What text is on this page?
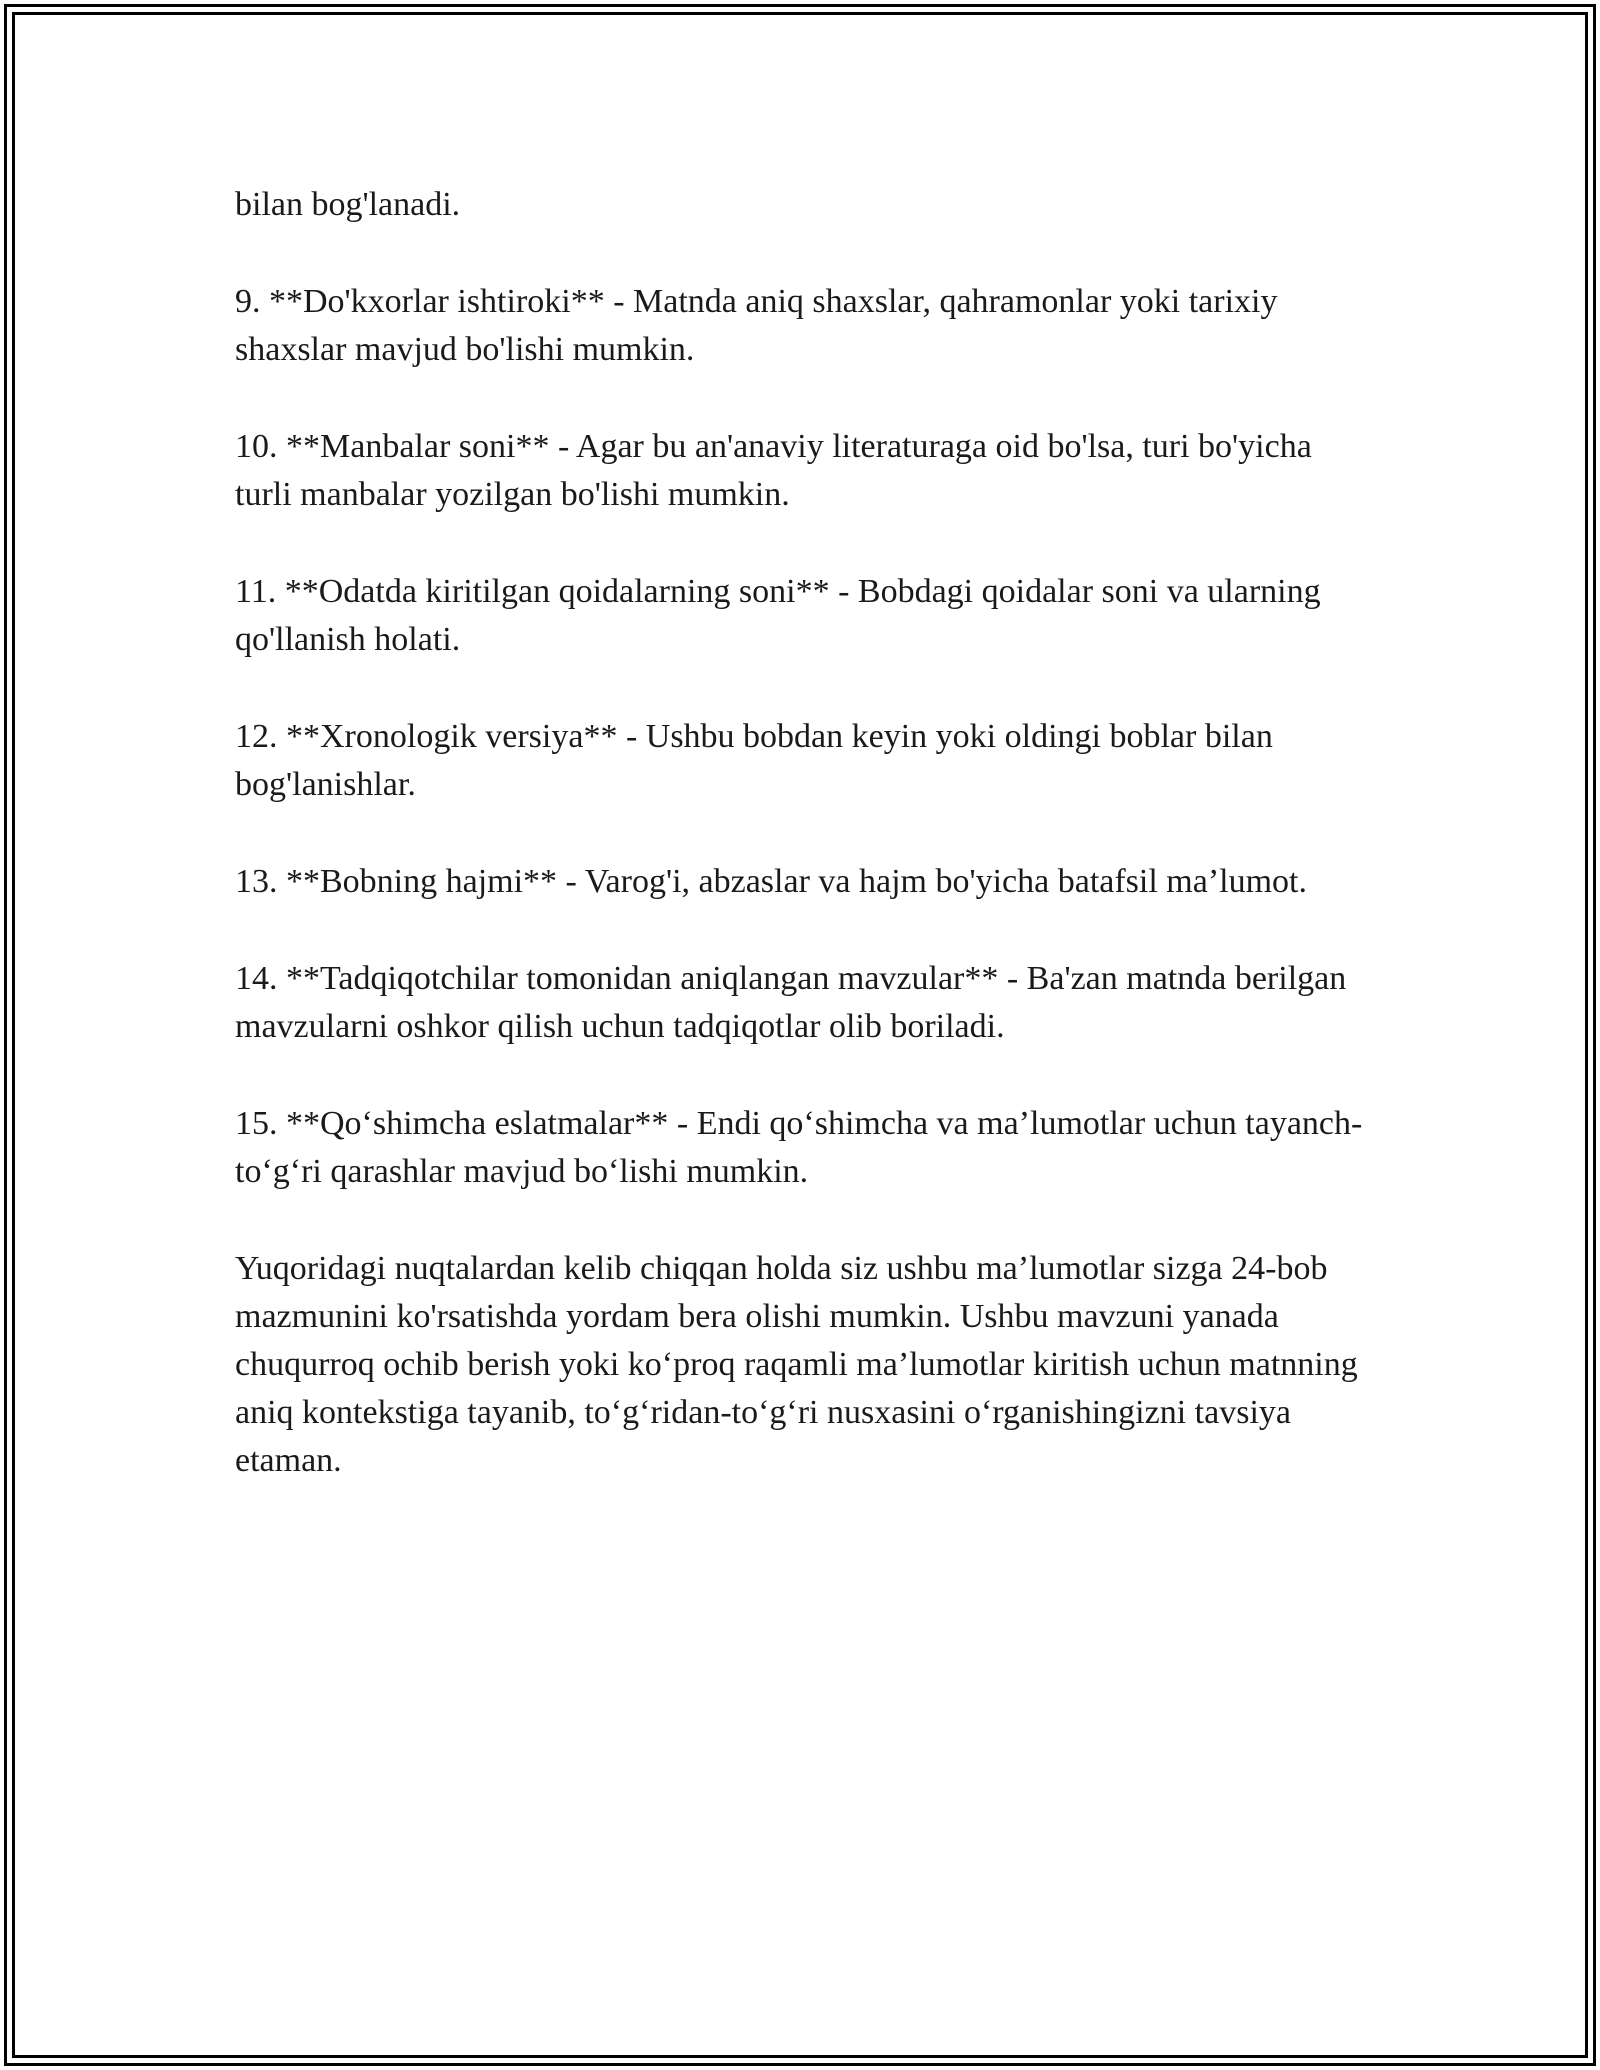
bilan bog'lanadi.

9. **Do'kxorlar ishtiroki** - Matnda aniq shaxslar, qahramonlar yoki tarixiy shaxslar mavjud bo'lishi mumkin.

10. **Manbalar soni** - Agar bu an'anaviy literaturaga oid bo'lsa, turi bo'yicha turli manbalar yozilgan bo'lishi mumkin.

11. **Odatda kiritilgan qoidalarning soni** - Bobdagi qoidalar soni va ularning qo'llanish holati.

12. **Xronologik versiya** - Ushbu bobdan keyin yoki oldingi boblar bilan bog'lanishlar.

13. **Bobning hajmi** - Varog'i, abzaslar va hajm bo'yicha batafsil ma’lumot.

14. **Tadqiqotchilar tomonidan aniqlangan mavzular** - Ba'zan matnda berilgan mavzularni oshkor qilish uchun tadqiqotlar olib boriladi.

15. **Qo‘shimcha eslatmalar** - Endi qo‘shimcha va ma’lumotlar uchun tayanch-to‘g‘ri qarashlar mavjud bo‘lishi mumkin.

Yuqoridagi nuqtalardan kelib chiqqan holda siz ushbu ma’lumotlar sizga 24-bob mazmunini ko'rsatishda yordam bera olishi mumkin. Ushbu mavzuni yanada chuqurroq ochib berish yoki ko‘proq raqamli ma’lumotlar kiritish uchun matnning aniq kontekstiga tayanib, to‘g‘ridan-to‘g‘ri nusxasini o‘rganishingizni tavsiya etaman.
